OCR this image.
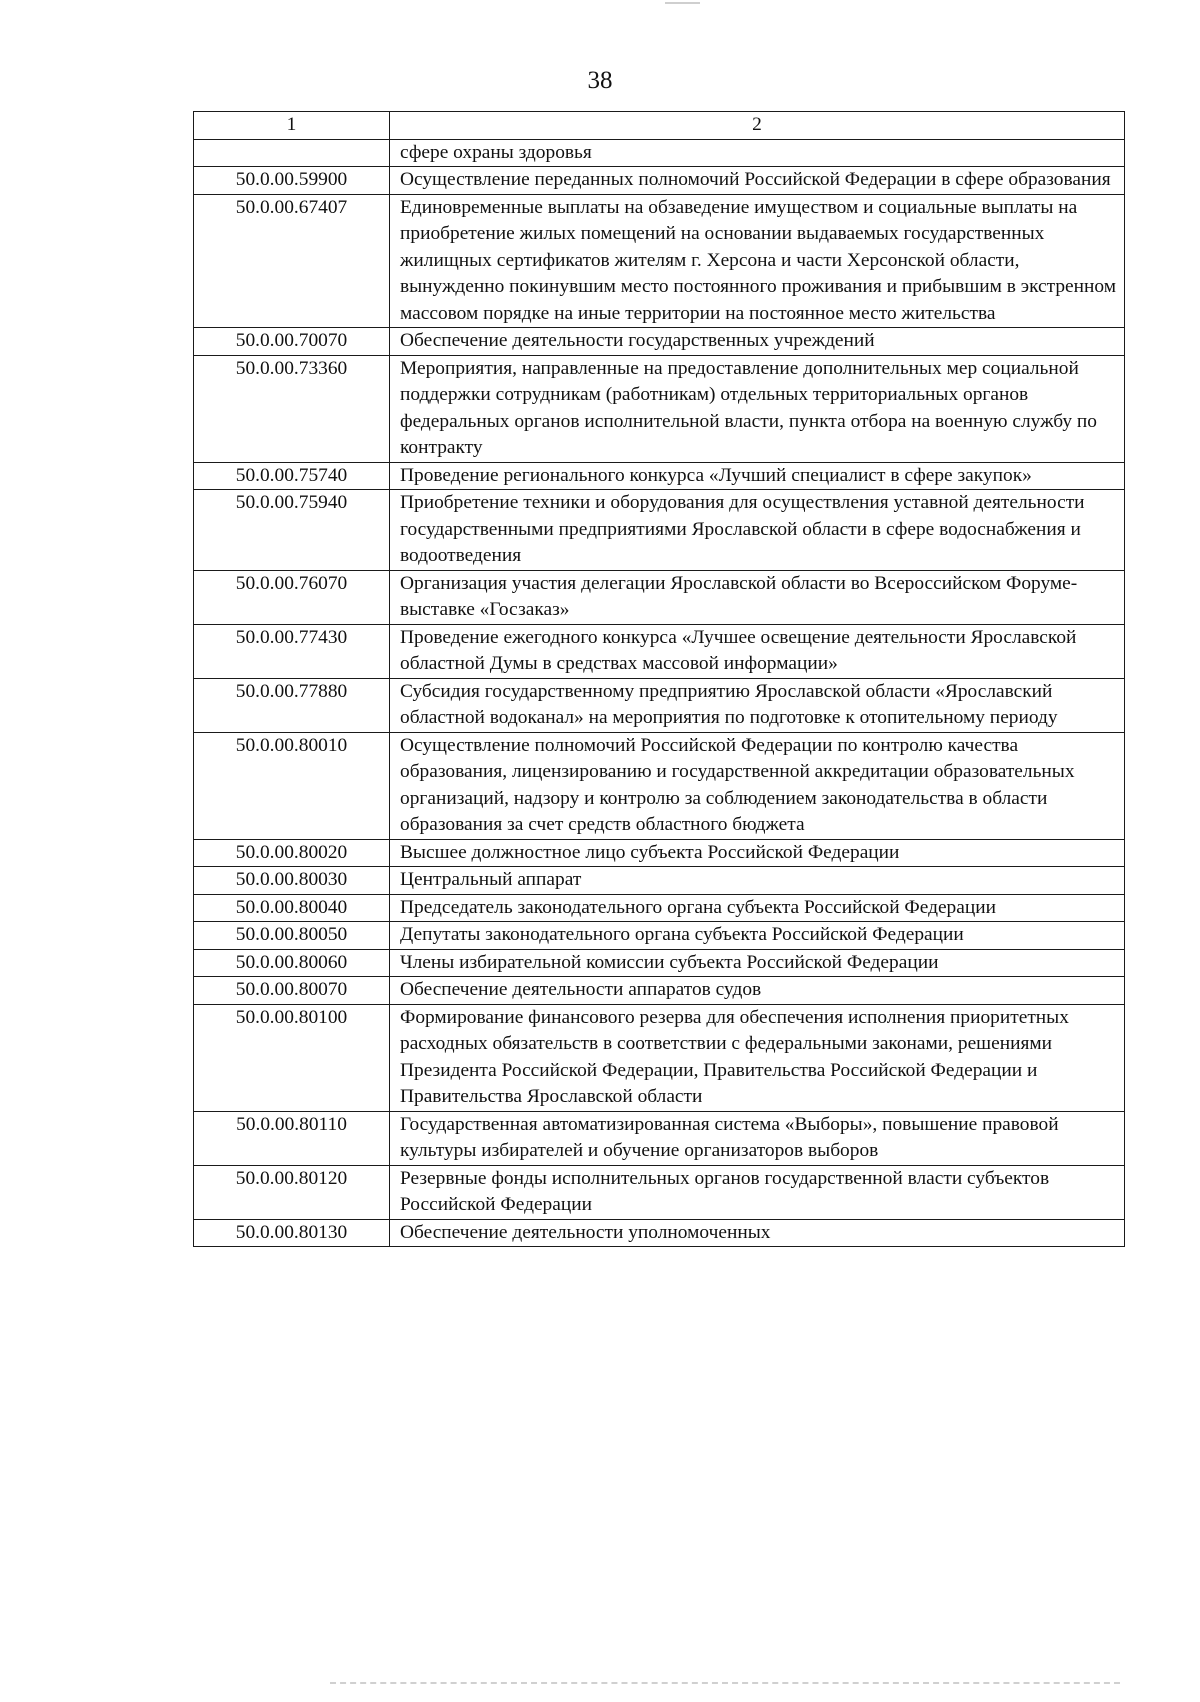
38
1	2
	сфере охраны здоровья
50.0.00.59900	Осуществление переданных полномочий Российской Федерации в сфере образования
50.0.00.67407	Единовременные выплаты на обзаведение имуществом и социальные выплаты на приобретение жилых помещений на основании выдаваемых государственных жилищных сертификатов жителям г. Херсона и части Херсонской области, вынужденно покинувшим место постоянного проживания и прибывшим в экстренном массовом порядке на иные территории на постоянное место жительства
50.0.00.70070	Обеспечение деятельности государственных учреждений
50.0.00.73360	Мероприятия, направленные на предоставление дополнительных мер социальной поддержки сотрудникам (работникам) отдельных территориальных органов федеральных органов исполнительной власти, пункта отбора на военную службу по контракту
50.0.00.75740	Проведение регионального конкурса «Лучший специалист в сфере закупок»
50.0.00.75940	Приобретение техники и оборудования для осуществления уставной деятельности государственными предприятиями Ярославской области в сфере водоснабжения и водоотведения
50.0.00.76070	Организация участия делегации Ярославской области во Всероссийском Форуме-выставке «Госзаказ»
50.0.00.77430	Проведение ежегодного конкурса «Лучшее освещение деятельности Ярославской областной Думы в средствах массовой информации»
50.0.00.77880	Субсидия государственному предприятию Ярославской области «Ярославский областной водоканал» на мероприятия по подготовке к отопительному периоду
50.0.00.80010	Осуществление полномочий Российской Федерации по контролю качества образования, лицензированию и государственной аккредитации образовательных организаций, надзору и контролю за соблюдением законодательства в области образования за счет средств областного бюджета
50.0.00.80020	Высшее должностное лицо субъекта Российской Федерации
50.0.00.80030	Центральный аппарат
50.0.00.80040	Председатель законодательного органа субъекта Российской Федерации
50.0.00.80050	Депутаты законодательного органа субъекта Российской Федерации
50.0.00.80060	Члены избирательной комиссии субъекта Российской Федерации
50.0.00.80070	Обеспечение деятельности аппаратов судов
50.0.00.80100	Формирование финансового резерва для обеспечения исполнения приоритетных расходных обязательств в соответствии с федеральными законами, решениями Президента Российской Федерации, Правительства Российской Федерации и Правительства Ярославской области
50.0.00.80110	Государственная автоматизированная система «Выборы», повышение правовой культуры избирателей и обучение организаторов выборов
50.0.00.80120	Резервные фонды исполнительных органов государственной власти субъектов Российской Федерации
50.0.00.80130	Обеспечение деятельности уполномоченных
